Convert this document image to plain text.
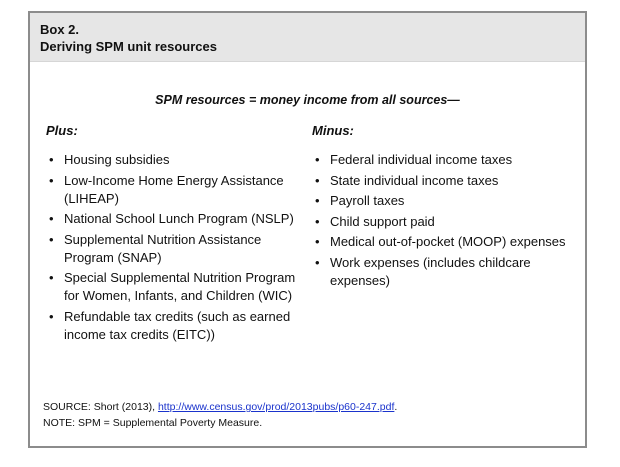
Box 2.
Deriving SPM unit resources
SPM resources = money income from all sources—
Plus:
• Housing subsidies
• Low-Income Home Energy Assistance (LIHEAP)
• National School Lunch Program (NSLP)
• Supplemental Nutrition Assistance Program (SNAP)
• Special Supplemental Nutrition Program for Women, Infants, and Children (WIC)
• Refundable tax credits (such as earned income tax credits (EITC))
Minus:
• Federal individual income taxes
• State individual income taxes
• Payroll taxes
• Child support paid
• Medical out-of-pocket (MOOP) expenses
• Work expenses (includes childcare expenses)
SOURCE: Short (2013), http://www.census.gov/prod/2013pubs/p60-247.pdf.
NOTE: SPM = Supplemental Poverty Measure.
